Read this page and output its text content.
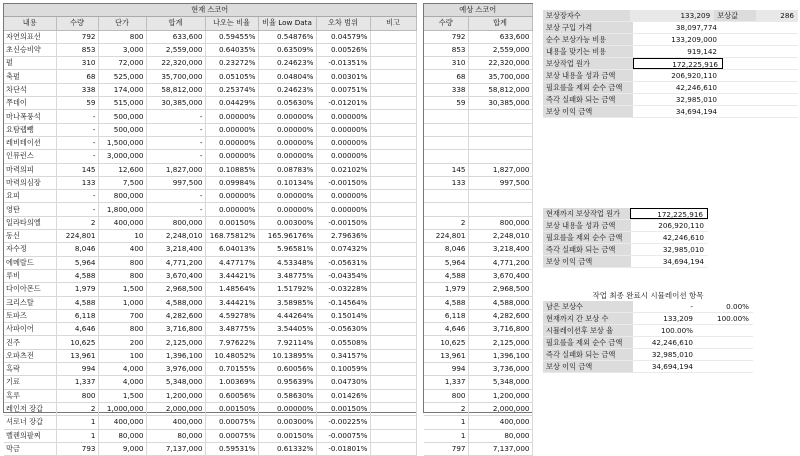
현재 스코어							
내용	수량	단가	합계	나오는 비율	비율 Low Data	오차 범위	비고
자연의표선	792	800	633,600	0.59455%	0.54876%	0.04579%	
초신승비약	853	3,000	2,559,000	0.64035%	0.63509%	0.00526%	
펄	310	72,000	22,320,000	0.23272%	0.24623%	-0.01351%	
축펄	68	525,000	35,700,000	0.05105%	0.04804%	0.00301%	
차단석	338	174,000	58,812,000	0.25374%	0.24623%	0.00751%	
쭈데이	59	515,000	30,385,000	0.04429%	0.05630%	-0.01201%	
마나폭풍석	-	500,000	-	0.00000%	0.00000%	0.00000%	
요탐랩뺑	-	500,000	-	0.00000%	0.00000%	0.00000%	
레비테이션	-	1,500,000	-	0.00000%	0.00000%	0.00000%	
인뮤런스	-	3,000,000	-	0.00000%	0.00000%	0.00000%	
마력의피	145	12,600	1,827,000	0.10885%	0.08783%	0.02102%	
마력의심장	133	7,500	997,500	0.09984%	0.10134%	-0.00150%	
요피	-	800,000	-	0.00000%	0.00000%	0.00000%	
영탄	-	1,800,000	-	0.00000%	0.00000%	0.00000%	
일라타의옐	2	400,000	800,000	0.00150%	0.00300%	-0.00150%	
동신	224,801	10	2,248,010	168.75812%	165.96176%	2.79636%	
자수정	8,046	400	3,218,400	6.04013%	5.96581%	0.07432%	
에메랄드	5,964	800	4,771,200	4.47717%	4.53348%	-0.05631%	
루비	4,588	800	3,670,400	3.44421%	3.48775%	-0.04354%	
다이아몬드	1,979	1,500	2,968,500	1.48564%	1.51792%	-0.03228%	
크리스탈	4,588	1,000	4,588,000	3.44421%	3.58985%	-0.14564%	
토파즈	6,118	700	4,282,600	4.59278%	4.44264%	0.15014%	
사파이어	4,646	800	3,716,800	3.48775%	3.54405%	-0.05630%	
진주	10,625	200	2,125,000	7.97622%	7.92114%	0.05508%	
오파츠전	13,961	100	1,396,100	10.48052%	10.13895%	0.34157%	
흑락	994	4,000	3,976,000	0.70155%	0.60056%	0.10059%	
기료	1,337	4,000	5,348,000	1.00369%	0.95639%	0.04730%	
흑루	800	1,500	1,200,000	0.60056%	0.58630%	0.01426%	
레인저 장갑	2	1,000,000	2,000,000	0.00150%	0.00000%	0.00150%	
셔로너 장갑	1	400,000	400,000	0.00075%	0.00300%	-0.00225%	
벨렌의팔찌	1	80,000	80,000	0.00075%	0.00150%	-0.00075%	
막금	793	9,000	7,137,000	0.59531%	0.61332%	-0.01801%	
예상 스코어	
수량	합계
792	633,600
853	2,559,000
310	22,320,000
68	35,700,000
338	58,812,000
59	30,385,000

145	1,827,000
133	997,500

2	800,000
224,801	2,248,010
8,046	3,218,400
5,964	4,771,200
4,588	3,670,400
1,979	2,968,500
4,588	4,588,000
6,118	4,282,600
4,646	3,716,800
10,625	2,125,000
13,961	1,396,100
994	3,736,000
1,337	5,348,000
800	1,200,000
2	2,000,000
1	400,000
1	80,000
797	7,137,000
보상장자수	133,209 보상값	286
보상 구입 가격	38,097,774
순수 보상가능 비용	133,209,000
내용을 맞기는 비용	919,142
보상작업 원가	172,225,916
보상 내용을 성과 금액	206,920,110
필요를을 제외 순수 금액	42,246,610
즉각 실패화 되는 금액	32,985,010
보상 이익 금액	34,694,194
현재까지 보상작업 원가	172,225,916
보상 내용을 성과 금액	206,920,110
필요를을 제외 순수 금액	42,246,610
즉각 실패화 되는 금액	32,985,010
보상 이익 금액	34,694,194
작업 최종 완료시 시뮬레이션 항목
남은 보상수	-	0.00%
현재까지 간 보상 수	133,209	100.00%
시뮬레이션후 보상 율	100.00%
필요를을 제외 순수 금액	42,246,610
즉각 실패화 되는 금액	32,985,010
보상 이익 금액	34,694,194
